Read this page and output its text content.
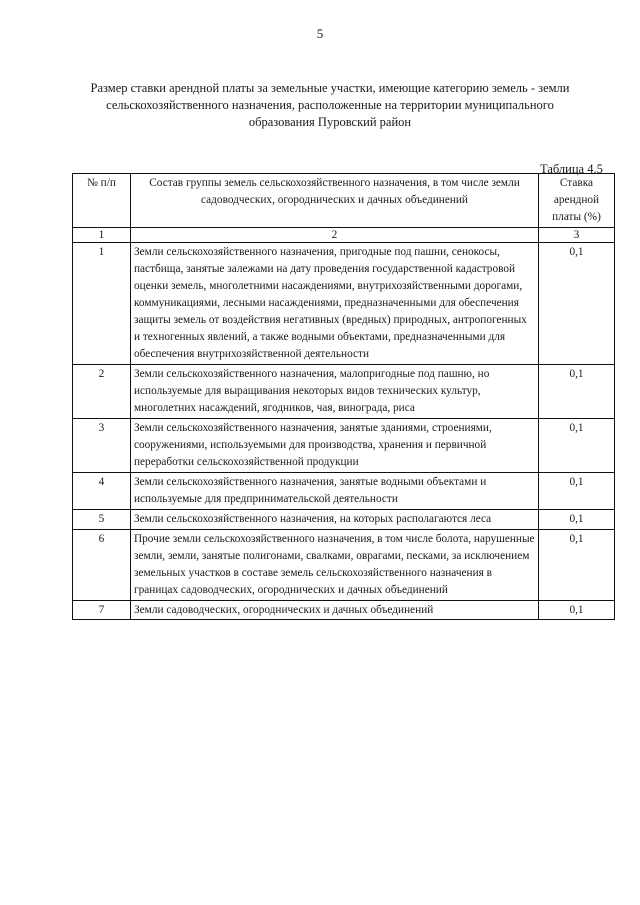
5
Размер ставки арендной платы за земельные участки, имеющие категорию земель - земли
сельскохозяйственного назначения, расположенные на территории муниципального
образования Пуровский район
Таблица 4.5
№ п/п	Состав группы земель сельскохозяйственного назначения, в том числе земли садоводческих, огороднических и дачных объединений	Ставка арендной платы (%)
1	2	3
1	Земли сельскохозяйственного назначения, пригодные под пашни, сенокосы, пастбища, занятые залежами на дату проведения государственной кадастровой оценки земель, многолетними насаждениями, внутрихозяйственными дорогами, коммуникациями, лесными насаждениями, предназначенными для обеспечения защиты земель от воздействия негативных (вредных) природных, антропогенных и техногенных явлений, а также водными объектами, предназначенными для обеспечения внутрихозяйственной деятельности	0,1
2	Земли сельскохозяйственного назначения, малопригодные под пашню, но используемые для выращивания некоторых видов технических культур, многолетних насаждений, ягодников, чая, винограда, риса	0,1
3	Земли сельскохозяйственного назначения, занятые зданиями, строениями, сооружениями, используемыми для производства, хранения и первичной переработки сельскохозяйственной продукции	0,1
4	Земли сельскохозяйственного назначения, занятые водными объектами и используемые для предпринимательской деятельности	0,1
5	Земли сельскохозяйственного назначения, на которых располагаются леса	0,1
6	Прочие земли сельскохозяйственного назначения, в том числе болота, нарушенные земли, земли, занятые полигонами, свалками, оврагами, песками, за исключением земельных участков в составе земель сельскохозяйственного назначения в границах садоводческих, огороднических и дачных объединений	0,1
7	Земли садоводческих, огороднических и дачных объединений	0,1
